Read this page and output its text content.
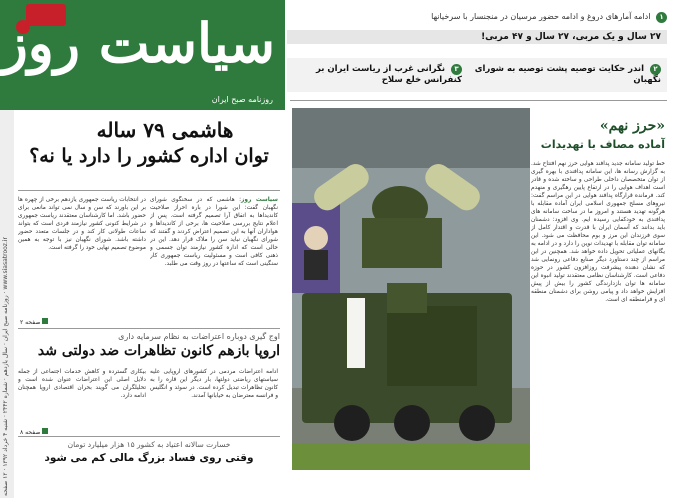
سیاست روز
روزنامه صبح ایران
روزنامه صبح ایران · سال یازدهم · شماره ۲۴۴۲ · شنبه ۴ خرداد ۱۳۹۲ · ۱۲ صفحه · www.siasatrooz.ir
۱ ادامه آمارهای دروغ و ادامه حضور مرسیان در منجنسار با سرخیانها
۲۷ سال و یک مربی، ۲۷ سال و ۴۷ مربی!
۲ اندر حکایت توصیه پشت توصیه به شورای نگهبان
۳ نگرانی غرب از ریاست ایران بر کنفرانس خلع سلاح
هاشمی ۷۹ ساله
توان اداره کشور را دارد یا نه؟
سیاست روز: هاشمی که در سخنگوی شورای نگهبان گفت: این شورا در باره احراز صلاحیت کاندیداها به اتفاق آرا تصمیم گرفته است. پس از اعلام نتایج بررسی صلاحیت ها، برخی از کاندیداها و هواداران آنها به این تصمیم اعتراض کردند و گفتند که شورای نگهبان نباید سن را ملاک قرار دهد. این در حالی است که اداره کشور نیازمند توان جسمی و ذهنی کافی است و مسئولیت ریاست جمهوری کار سنگینی است که ساعتها در روز وقت می طلبد.
در انتخابات ریاست جمهوری یازدهم برخی از چهره ها بر این باورند که سن و سال نمی تواند مانعی برای حضور باشد. اما کارشناسان معتقدند ریاست جمهوری در شرایط کنونی کشور نیازمند فردی است که بتواند ساعات طولانی کار کند و در جلسات متعدد حضور داشته باشد. شورای نگهبان نیز با توجه به همین موضوع تصمیم نهایی خود را گرفته است.
صفحه ۲
اوج گیری دوباره اعتراضات به نظام سرمایه داری
اروپا بازهم کانون تظاهرات ضد دولتی شد
ادامه اعتراضات مردمی در کشورهای اروپایی علیه سیاستهای ریاضتی دولتها، بار دیگر این قاره را به کانون تظاهرات تبدیل کرده است. در سوئد و انگلیس و فرانسه معترضان به خیابانها آمدند.
بیکاری گسترده و کاهش خدمات اجتماعی از جمله دلایل اصلی این اعتراضات عنوان شده است و تحلیلگران می گویند بحران اقتصادی اروپا همچنان ادامه دارد.
صفحه ۸
خسارت سالانه اعتیاد به کشور ۱۵ هزار میلیارد تومان
وقتی روی فساد بزرگ مالی کم می شود
«حرز نهم»
آماده مصاف با تهدیدات
خط تولید سامانه جدید پدافند هوایی حرز نهم افتتاح شد. به گزارش رسانه ها، این سامانه پدافندی با بهره گیری از توان متخصصان داخلی طراحی و ساخته شده و قادر است اهداف هوایی را در ارتفاع پایین رهگیری و منهدم کند. فرمانده قرارگاه پدافند هوایی در این مراسم گفت: نیروهای مسلح جمهوری اسلامی ایران آماده مقابله با هرگونه تهدید هستند و امروز ما در ساخت سامانه های پدافندی به خودکفایی رسیده ایم. وی افزود: دشمنان باید بدانند که آسمان ایران با قدرت و اقتدار کامل از سوی فرزندان این مرز و بوم محافظت می شود. این سامانه توان مقابله با تهدیدات نوین را دارد و در ادامه به یگانهای عملیاتی تحویل داده خواهد شد. همچنین در این مراسم از چند دستاورد دیگر صنایع دفاعی رونمایی شد که نشان دهنده پیشرفت روزافزون کشور در حوزه دفاعی است. کارشناسان نظامی معتقدند تولید انبوه این سامانه ها توان بازدارندگی کشور را بیش از پیش افزایش خواهد داد و پیامی روشن برای دشمنان منطقه ای و فرامنطقه ای است.
